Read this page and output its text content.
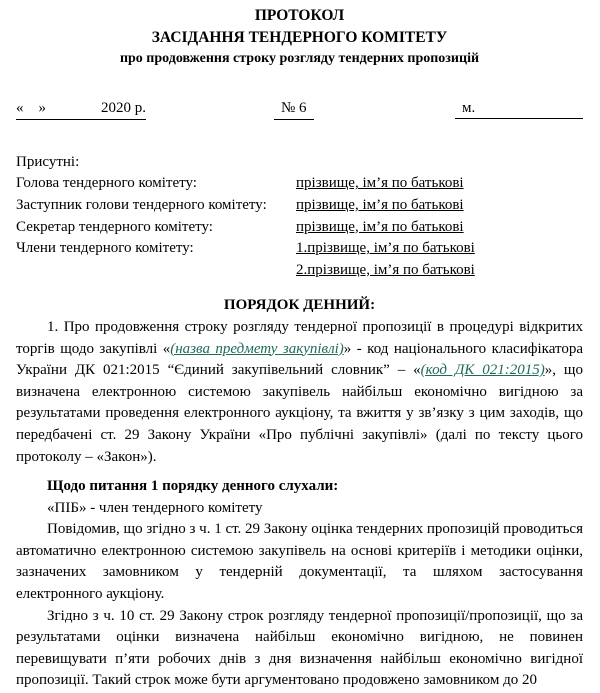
ПРОТОКОЛ
ЗАСІДАННЯ ТЕНДЕРНОГО КОМІТЕТУ
про продовження строку розгляду тендерних пропозицій
«    »	2020 р.	№ 6	м.
Присутні:
Голова тендерного комітету:	прізвище, ім’я по батькові
Заступник голови тендерного комітету:	прізвище, ім’я по батькові
Секретар тендерного комітету:	прізвище, ім’я по батькові
Члени тендерного комітету:	1.прізвище, ім’я по батькові
2.прізвище, ім’я по батькові
ПОРЯДОК ДЕННИЙ:

1. Про продовження строку розгляду тендерної пропозиції в процедурі відкритих торгів щодо закупівлі «(назва предмету закупівлі)» - код національного класифікатора України ДК 021:2015 “Єдиний закупівельний словник” – «(код ДК 021:2015)», що визначена електронною системою закупівель найбільш економічно вигідною за результатами проведення електронного аукціону, та вжиття у зв’язку з цим заходів, що передбачені ст. 29 Закону України «Про публічні закупівлі» (далі по тексту цього протоколу – «Закон»).

Щодо питання 1 порядку денного слухали:
«ПІБ» - член тендерного комітету

Повідомив, що згідно з ч. 1 ст. 29 Закону оцінка тендерних пропозицій проводиться автоматично електронною системою закупівель на основі критеріїв і методики оцінки, зазначених замовником у тендерній документації, та шляхом застосування електронного аукціону.

Згідно з ч. 10 ст. 29 Закону строк розгляду тендерної пропозиції/пропозиції, що за результатами оцінки визначена найбільш економічно вигідною, не повинен перевищувати п’яти робочих днів з дня визначення найбільш економічно вигідної пропозиції. Такий строк може бути аргументовано продовжено замовником до 20
